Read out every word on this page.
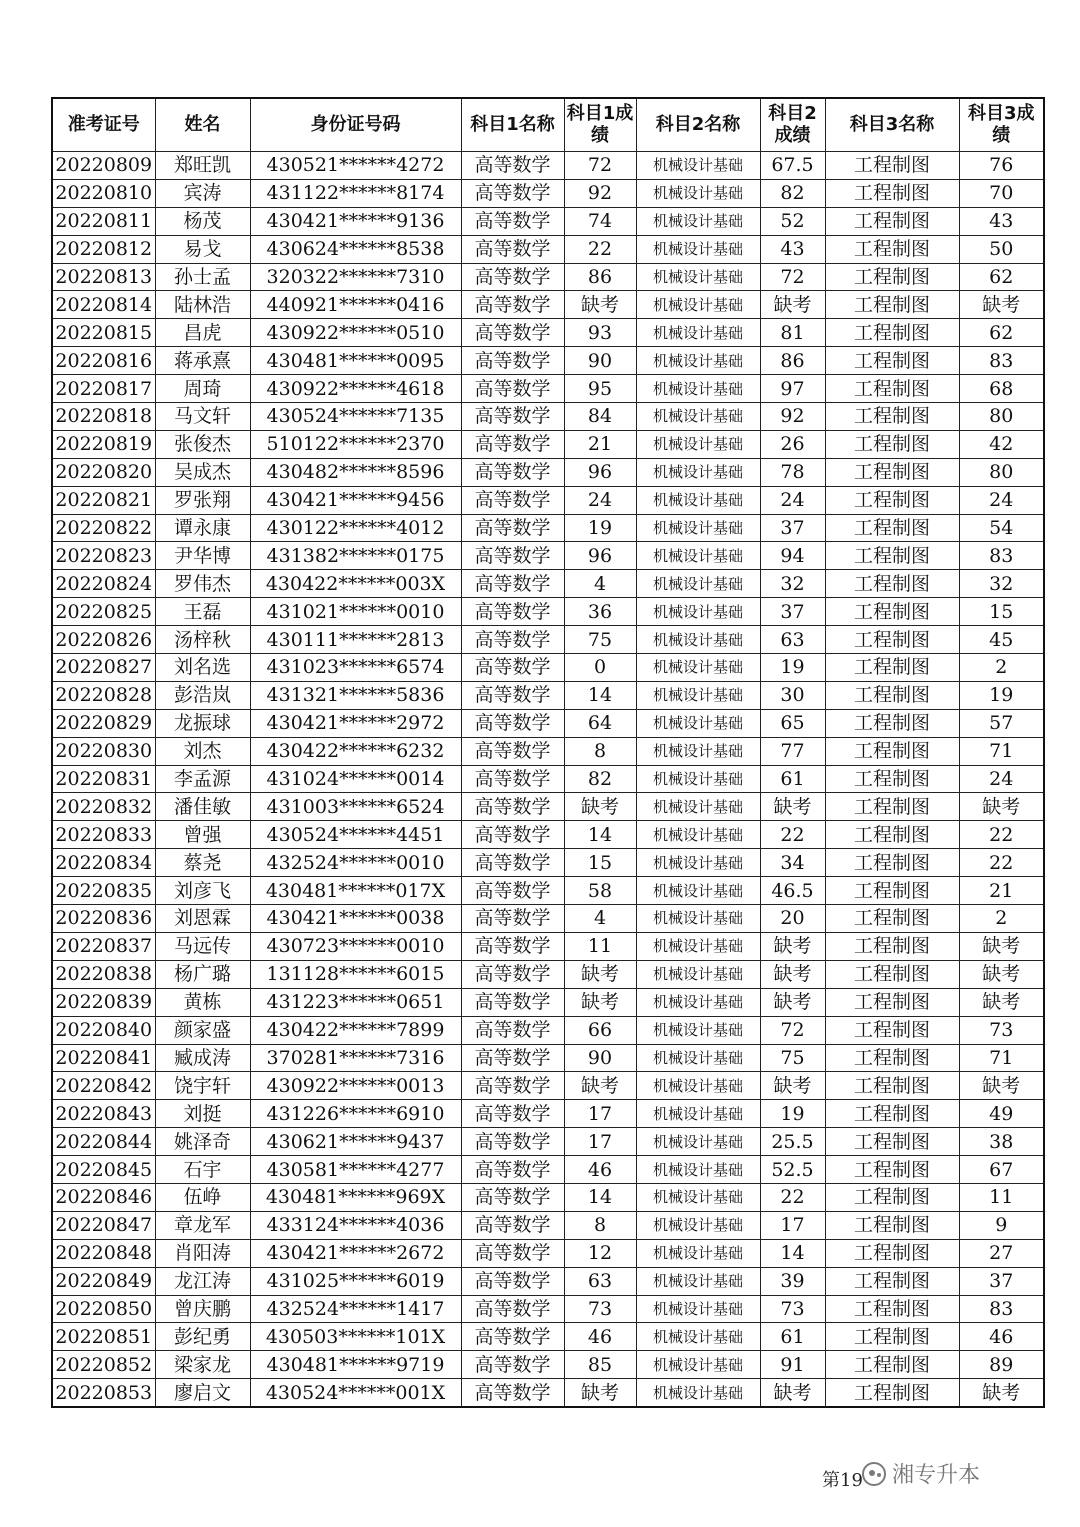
准考证号	姓名	身份证号码	科目1名称	科目1成绩	科目2名称	科目2成绩	科目3名称	科目3成绩
20220809	郑旺凯	430521******4272	高等数学	72	机械设计基础	67.5	工程制图	76
20220810	宾涛	431122******8174	高等数学	92	机械设计基础	82	工程制图	70
20220811	杨茂	430421******9136	高等数学	74	机械设计基础	52	工程制图	43
20220812	易戈	430624******8538	高等数学	22	机械设计基础	43	工程制图	50
20220813	孙士孟	320322******7310	高等数学	86	机械设计基础	72	工程制图	62
20220814	陆林浩	440921******0416	高等数学	缺考	机械设计基础	缺考	工程制图	缺考
20220815	昌虎	430922******0510	高等数学	93	机械设计基础	81	工程制图	62
20220816	蒋承熹	430481******0095	高等数学	90	机械设计基础	86	工程制图	83
20220817	周琦	430922******4618	高等数学	95	机械设计基础	97	工程制图	68
20220818	马文轩	430524******7135	高等数学	84	机械设计基础	92	工程制图	80
20220819	张俊杰	510122******2370	高等数学	21	机械设计基础	26	工程制图	42
20220820	吴成杰	430482******8596	高等数学	96	机械设计基础	78	工程制图	80
20220821	罗张翔	430421******9456	高等数学	24	机械设计基础	24	工程制图	24
20220822	谭永康	430122******4012	高等数学	19	机械设计基础	37	工程制图	54
20220823	尹华博	431382******0175	高等数学	96	机械设计基础	94	工程制图	83
20220824	罗伟杰	430422******003X	高等数学	4	机械设计基础	32	工程制图	32
20220825	王磊	431021******0010	高等数学	36	机械设计基础	37	工程制图	15
20220826	汤梓秋	430111******2813	高等数学	75	机械设计基础	63	工程制图	45
20220827	刘名选	431023******6574	高等数学	0	机械设计基础	19	工程制图	2
20220828	彭浩岚	431321******5836	高等数学	14	机械设计基础	30	工程制图	19
20220829	龙振球	430421******2972	高等数学	64	机械设计基础	65	工程制图	57
20220830	刘杰	430422******6232	高等数学	8	机械设计基础	77	工程制图	71
20220831	李孟源	431024******0014	高等数学	82	机械设计基础	61	工程制图	24
20220832	潘佳敏	431003******6524	高等数学	缺考	机械设计基础	缺考	工程制图	缺考
20220833	曾强	430524******4451	高等数学	14	机械设计基础	22	工程制图	22
20220834	蔡尧	432524******0010	高等数学	15	机械设计基础	34	工程制图	22
20220835	刘彦飞	430481******017X	高等数学	58	机械设计基础	46.5	工程制图	21
20220836	刘恩霖	430421******0038	高等数学	4	机械设计基础	20	工程制图	2
20220837	马远传	430723******0010	高等数学	11	机械设计基础	缺考	工程制图	缺考
20220838	杨广璐	131128******6015	高等数学	缺考	机械设计基础	缺考	工程制图	缺考
20220839	黄栋	431223******0651	高等数学	缺考	机械设计基础	缺考	工程制图	缺考
20220840	颜家盛	430422******7899	高等数学	66	机械设计基础	72	工程制图	73
20220841	臧成涛	370281******7316	高等数学	90	机械设计基础	75	工程制图	71
20220842	饶宇轩	430922******0013	高等数学	缺考	机械设计基础	缺考	工程制图	缺考
20220843	刘挺	431226******6910	高等数学	17	机械设计基础	19	工程制图	49
20220844	姚泽奇	430621******9437	高等数学	17	机械设计基础	25.5	工程制图	38
20220845	石宇	430581******4277	高等数学	46	机械设计基础	52.5	工程制图	67
20220846	伍峥	430481******969X	高等数学	14	机械设计基础	22	工程制图	11
20220847	章龙军	433124******4036	高等数学	8	机械设计基础	17	工程制图	9
20220848	肖阳涛	430421******2672	高等数学	12	机械设计基础	14	工程制图	27
20220849	龙江涛	431025******6019	高等数学	63	机械设计基础	39	工程制图	37
20220850	曾庆鹏	432524******1417	高等数学	73	机械设计基础	73	工程制图	83
20220851	彭纪勇	430503******101X	高等数学	46	机械设计基础	61	工程制图	46
20220852	梁家龙	430481******9719	高等数学	85	机械设计基础	91	工程制图	89
20220853	廖启文	430524******001X	高等数学	缺考	机械设计基础	缺考	工程制图	缺考
第19 湘专升本
